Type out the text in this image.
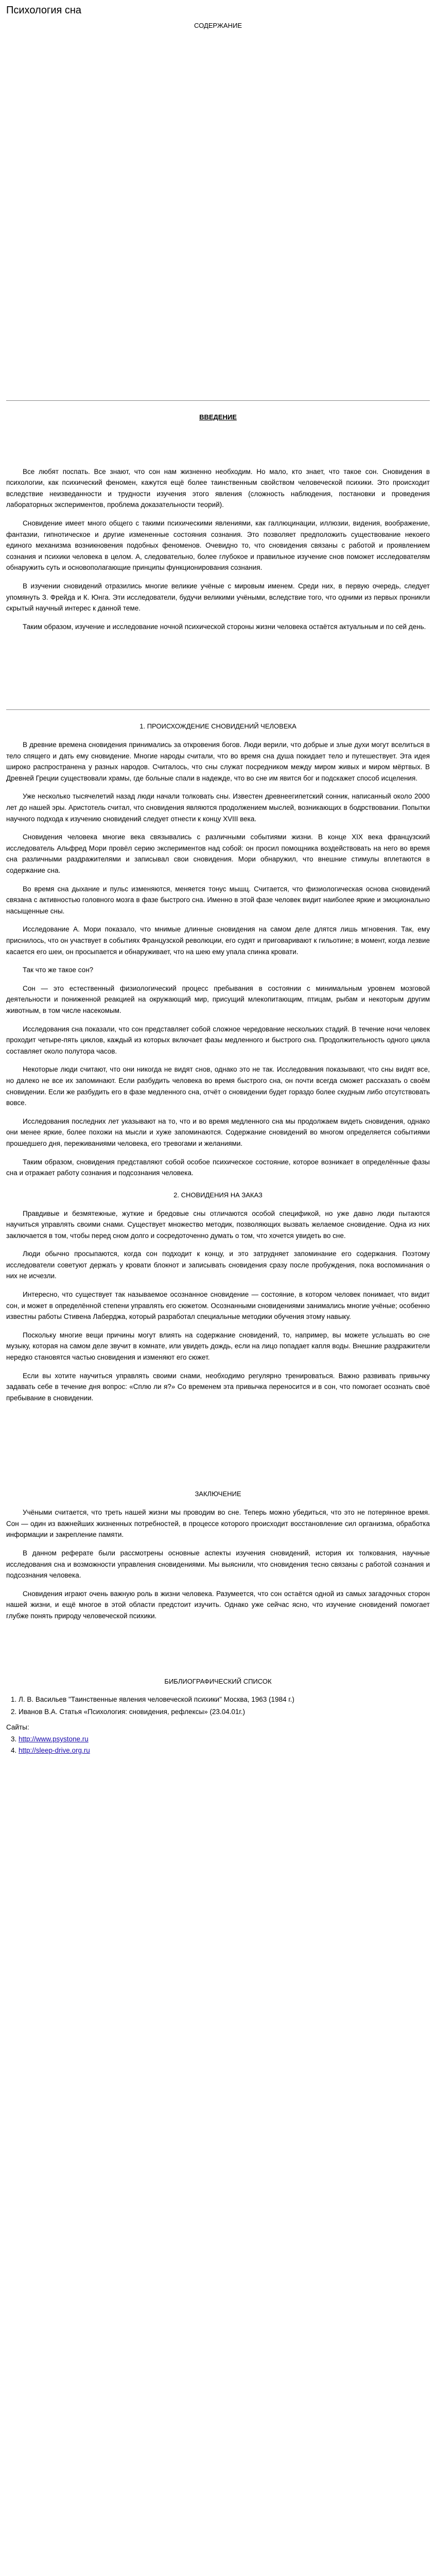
Психология сна
СОДЕРЖАНИЕ
ВВЕДЕНИЕ

Все любят поспать. Все знают, что сон нам жизненно необходим. Но мало, кто знает, что такое сон. Сновидения в психологии, как психический феномен, кажутся ещё более таинственным свойством человеческой психики. Это происходит вследствие неизведанности и трудности изучения этого явления (сложность наблюдения, постановки и проведения лабораторных экспериментов, проблема доказательности теорий).

Сновидение имеет много общего с такими психическими явлениями, как галлюцинации, иллюзии, видения, воображение, фантазии, гипнотическое и другие измененные состояния сознания. Это позволяет предположить существование некоего единого механизма возникновения подобных феноменов. Очевидно то, что сновидения связаны с работой и проявлением сознания и психики человека в целом. А, следовательно, более глубокое и правильное изучение снов поможет исследователям обнаружить суть и основополагающие принципы функционирования сознания.

В изучении сновидений отразились многие великие учёные с мировым именем. Среди них, в первую очередь, следует упомянуть З. Фрейда и К. Юнга. Эти исследователи, будучи великими учёными, вследствие того, что одними из первых проникли скрытый научный интерес к данной теме.

Таким образом, изучение и исследование ночной психической стороны жизни человека остаётся актуальным и по сей день.

1. ПРОИСХОЖДЕНИЕ СНОВИДЕНИЙ ЧЕЛОВЕКА

В древние времена сновидения принимались за откровения богов. Люди верили, что добрые и злые духи могут вселиться в тело спящего и дать ему сновидение. Многие народы считали, что во время сна душа покидает тело и путешествует. Эта идея широко распространена у разных народов. Считалось, что сны служат посредником между миром живых и миром мёртвых. В Древней Греции существовали храмы, где больные спали в надежде, что во сне им явится бог и подскажет способ исцеления.

Уже несколько тысячелетий назад люди начали толковать сны. Известен древнеегипетский сонник, написанный около 2000 лет до нашей эры. Аристотель считал, что сновидения являются продолжением мыслей, возникающих в бодрствовании. Попытки научного подхода к изучению сновидений следует отнести к концу XVIII века.

Сновидения человека многие века связывались с различными событиями жизни. В конце XIX века французский исследователь Альфред Мори провёл серию экспериментов над собой: он просил помощника воздействовать на него во время сна различными раздражителями и записывал свои сновидения. Мори обнаружил, что внешние стимулы вплетаются в содержание сна.

Во время сна дыхание и пульс изменяются, меняется тонус мышц. Считается, что физиологическая основа сновидений связана с активностью головного мозга в фазе быстрого сна. Именно в этой фазе человек видит наиболее яркие и эмоционально насыщенные сны.

Исследование А. Мори показало, что мнимые длинные сновидения на самом деле длятся лишь мгновения. Так, ему приснилось, что он участвует в событиях Французской революции, его судят и приговаривают к гильотине; в момент, когда лезвие касается его шеи, он просыпается и обнаруживает, что на шею ему упала спинка кровати.

Так что же такое сон?

Сон — это естественный физиологический процесс пребывания в состоянии с минимальным уровнем мозговой деятельности и пониженной реакцией на окружающий мир, присущий млекопитающим, птицам, рыбам и некоторым другим животным, в том числе насекомым.

Исследования сна показали, что сон представляет собой сложное чередование нескольких стадий. В течение ночи человек проходит четыре-пять циклов, каждый из которых включает фазы медленного и быстрого сна. Продолжительность одного цикла составляет около полутора часов.

Некоторые люди считают, что они никогда не видят снов, однако это не так. Исследования показывают, что сны видят все, но далеко не все их запоминают. Если разбудить человека во время быстрого сна, он почти всегда сможет рассказать о своём сновидении. Если же разбудить его в фазе медленного сна, отчёт о сновидении будет гораздо более скудным либо отсутствовать вовсе.

Исследования последних лет указывают на то, что и во время медленного сна мы продолжаем видеть сновидения, однако они менее яркие, более похожи на мысли и хуже запоминаются. Содержание сновидений во многом определяется событиями прошедшего дня, переживаниями человека, его тревогами и желаниями.

Таким образом, сновидения представляют собой особое психическое состояние, которое возникает в определённые фазы сна и отражает работу сознания и подсознания человека.

2. СНОВИДЕНИЯ НА ЗАКАЗ

Правдивые и безмятежные, жуткие и бредовые сны отличаются особой спецификой, но уже давно люди пытаются научиться управлять своими снами. Существует множество методик, позволяющих вызвать желаемое сновидение. Одна из них заключается в том, чтобы перед сном долго и сосредоточенно думать о том, что хочется увидеть во сне.

Люди обычно просыпаются, когда сон подходит к концу, и это затрудняет запоминание его содержания. Поэтому исследователи советуют держать у кровати блокнот и записывать сновидения сразу после пробуждения, пока воспоминания о них не исчезли.

Интересно, что существует так называемое осознанное сновидение — состояние, в котором человек понимает, что видит сон, и может в определённой степени управлять его сюжетом. Осознанными сновидениями занимались многие учёные; особенно известны работы Стивена Лаберджа, который разработал специальные методики обучения этому навыку.

Поскольку многие вещи причины могут влиять на содержание сновидений, то, например, вы можете услышать во сне музыку, которая на самом деле звучит в комнате, или увидеть дождь, если на лицо попадает капля воды. Внешние раздражители нередко становятся частью сновидения и изменяют его сюжет.

Если вы хотите научиться управлять своими снами, необходимо регулярно тренироваться. Важно развивать привычку задавать себе в течение дня вопрос: «Сплю ли я?» Со временем эта привычка переносится и в сон, что помогает осознать своё пребывание в сновидении.

ЗАКЛЮЧЕНИЕ

Учёными считается, что треть нашей жизни мы проводим во сне. Теперь можно убедиться, что это не потерянное время. Сон — один из важнейших жизненных потребностей, в процессе которого происходит восстановление сил организма, обработка информации и закрепление памяти.

В данном реферате были рассмотрены основные аспекты изучения сновидений, история их толкования, научные исследования сна и возможности управления сновидениями. Мы выяснили, что сновидения тесно связаны с работой сознания и подсознания человека.

Сновидения играют очень важную роль в жизни человека. Разумеется, что сон остаётся одной из самых загадочных сторон нашей жизни, и ещё многое в этой области предстоит изучить. Однако уже сейчас ясно, что изучение сновидений помогает глубже понять природу человеческой психики.

БИБЛИОГРАФИЧЕСКИЙ СПИСОК
1. Л. В. Васильев "Таинственные явления человеческой психики" Москва, 1963 (1984 г.)
2. Иванов В.А. Статья «Психология: сновидения, рефлексы» (23.04.01г.)
Сайты:
3. http://www.psystone.ru
4. http://sleep-drive.org.ru
